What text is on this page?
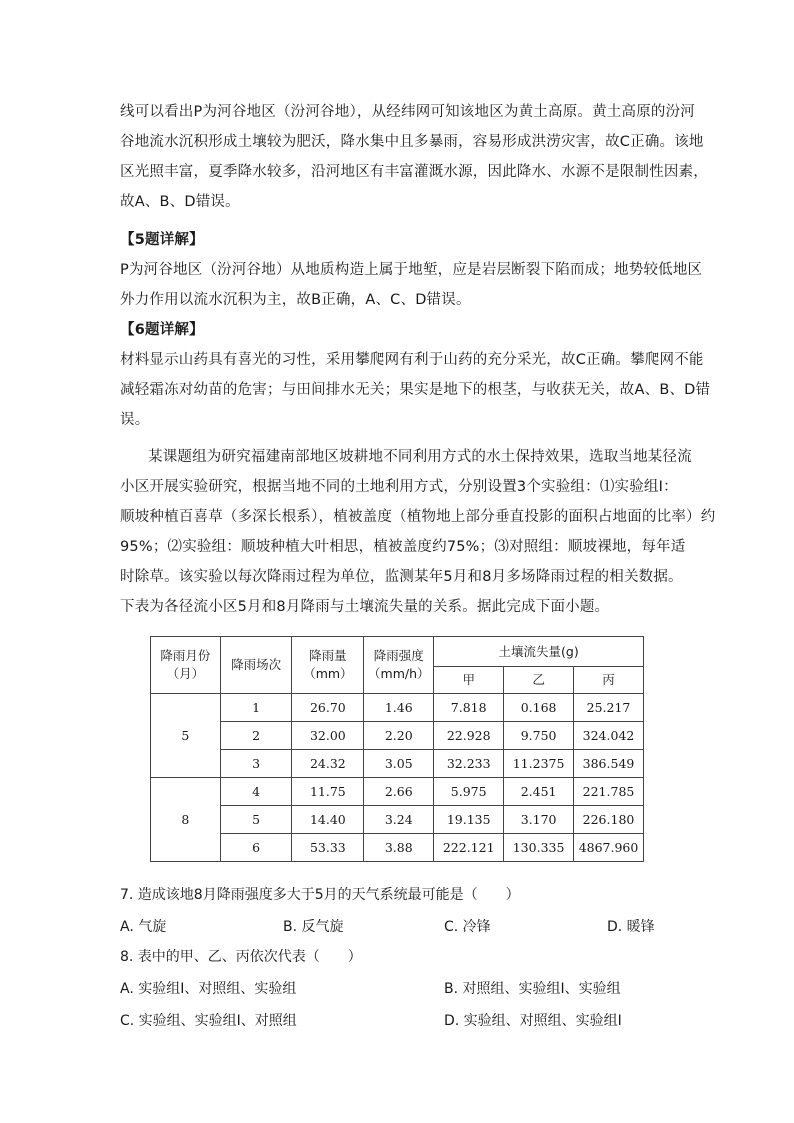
线可以看出P为河谷地区（汾河谷地），从经纬网可知该地区为黄土高原。黄土高原的汾河
谷地流水沉积形成土壤较为肥沃，降水集中且多暴雨，容易形成洪涝灾害，故C正确。该地
区光照丰富，夏季降水较多，沿河地区有丰富灌溉水源，因此降水、水源不是限制性因素，
故A、B、D错误。
【5题详解】
P为河谷地区（汾河谷地）从地质构造上属于地堑，应是岩层断裂下陷而成；地势较低地区
外力作用以流水沉积为主，故B正确，A、C、D错误。
【6题详解】
材料显示山药具有喜光的习性，采用攀爬网有利于山药的充分采光，故C正确。攀爬网不能
减轻霜冻对幼苗的危害；与田间排水无关；果实是地下的根茎，与收获无关，故A、B、D错
误。
某课题组为研究福建南部地区坡耕地不同利用方式的水土保持效果，选取当地某径流
小区开展实验研究，根据当地不同的土地利用方式，分别设置3个实验组：⑴实验组Ⅰ：
顺坡种植百喜草（多深长根系），植被盖度（植物地上部分垂直投影的面积占地面的比率）约
95%；⑵实验组：顺坡种植大叶相思，植被盖度约75%；⑶对照组：顺坡裸地，每年适
时除草。该实验以每次降雨过程为单位，监测某年5月和8月多场降雨过程的相关数据。
下表为各径流小区5月和8月降雨与土壤流失量的关系。据此完成下面小题。
降雨月份（月）	降雨场次	降雨量（mm）	降雨强度（mm/h）	土壤流失量(g)		
				甲	乙	丙
5	1	26.70	1.46	7.818	0.168	25.217
	2	32.00	2.20	22.928	9.750	324.042
	3	24.32	3.05	32.233	11.2375	386.549
8	4	11.75	2.66	5.975	2.451	221.785
	5	14.40	3.24	19.135	3.170	226.180
	6	53.33	3.88	222.121	130.335	4867.960
7. 造成该地8月降雨强度多大于5月的天气系统最可能是（　　）
A. 气旋	B. 反气旋	C. 冷锋	D. 暖锋
8. 表中的甲、乙、丙依次代表（　　）
A. 实验组Ⅰ、对照组、实验组	B. 对照组、实验组Ⅰ、实验组
C. 实验组、实验组Ⅰ、对照组	D. 实验组、对照组、实验组Ⅰ
